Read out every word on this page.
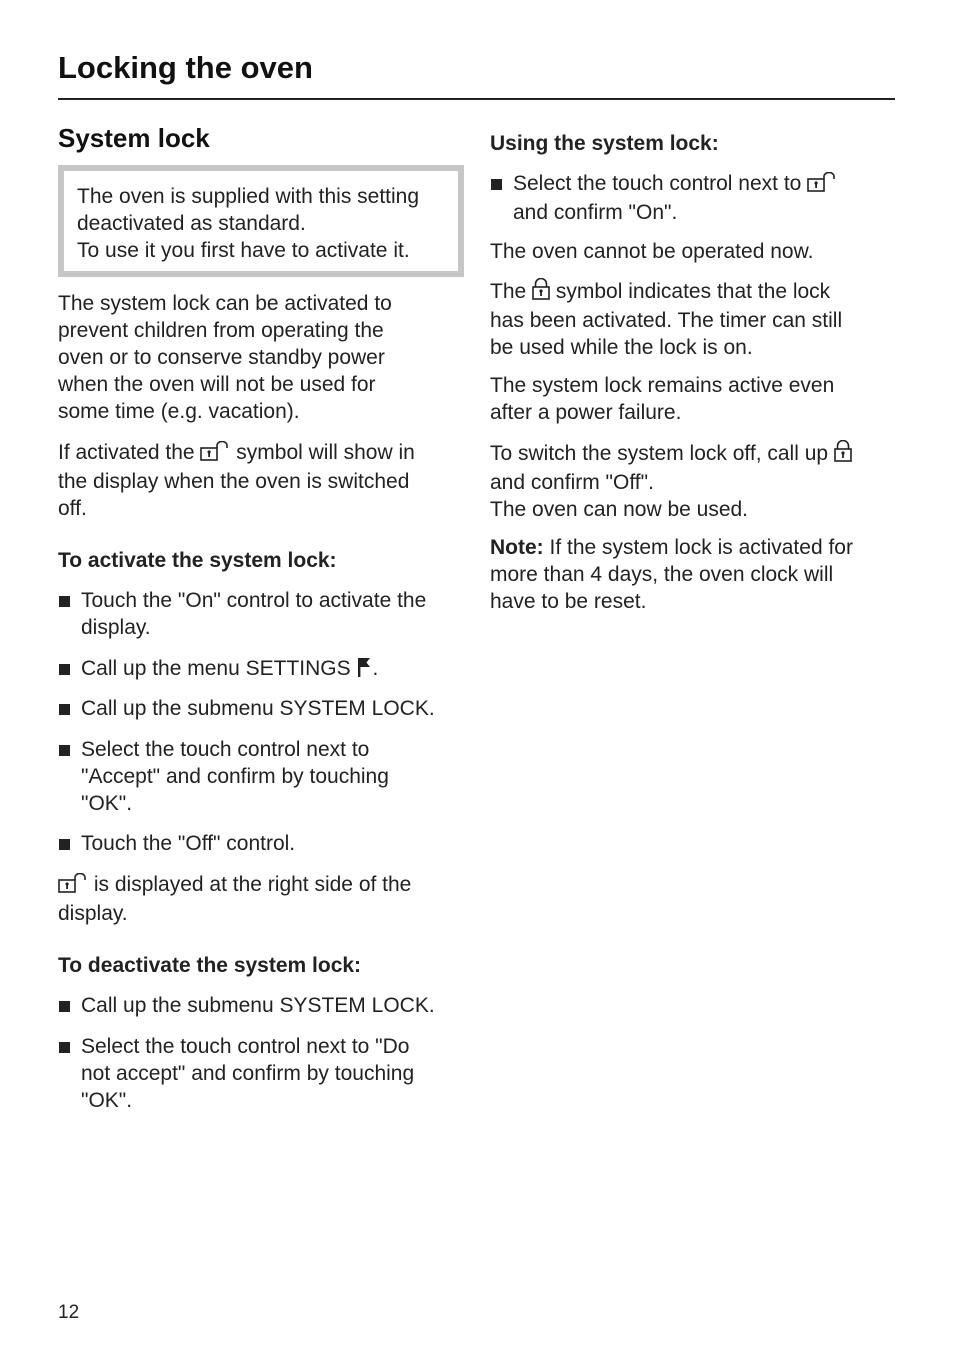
Locking the oven
System lock
The oven is supplied with this setting
deactivated as standard.
To use it you first have to activate it.
The system lock can be activated to
prevent children from operating the
oven or to conserve standby power
when the oven will not be used for
some time (e.g. vacation).
If activated the symbol will show in
the display when the oven is switched
off.
To activate the system lock:
Touch the "On" control to activate the
display.
Call up the menu SETTINGS .
Call up the submenu SYSTEM LOCK.
Select the touch control next to
"Accept" and confirm by touching
"OK".
Touch the "Off" control.
is displayed at the right side of the
display.
To deactivate the system lock:
Call up the submenu SYSTEM LOCK.
Select the touch control next to "Do
not accept" and confirm by touching
"OK".
Using the system lock:
Select the touch control next to
and confirm "On".
The oven cannot be operated now.
The symbol indicates that the lock
has been activated. The timer can still
be used while the lock is on.
The system lock remains active even
after a power failure.
To switch the system lock off, call up
and confirm "Off".
The oven can now be used.
Note: If the system lock is activated for
more than 4 days, the oven clock will
have to be reset.
12
